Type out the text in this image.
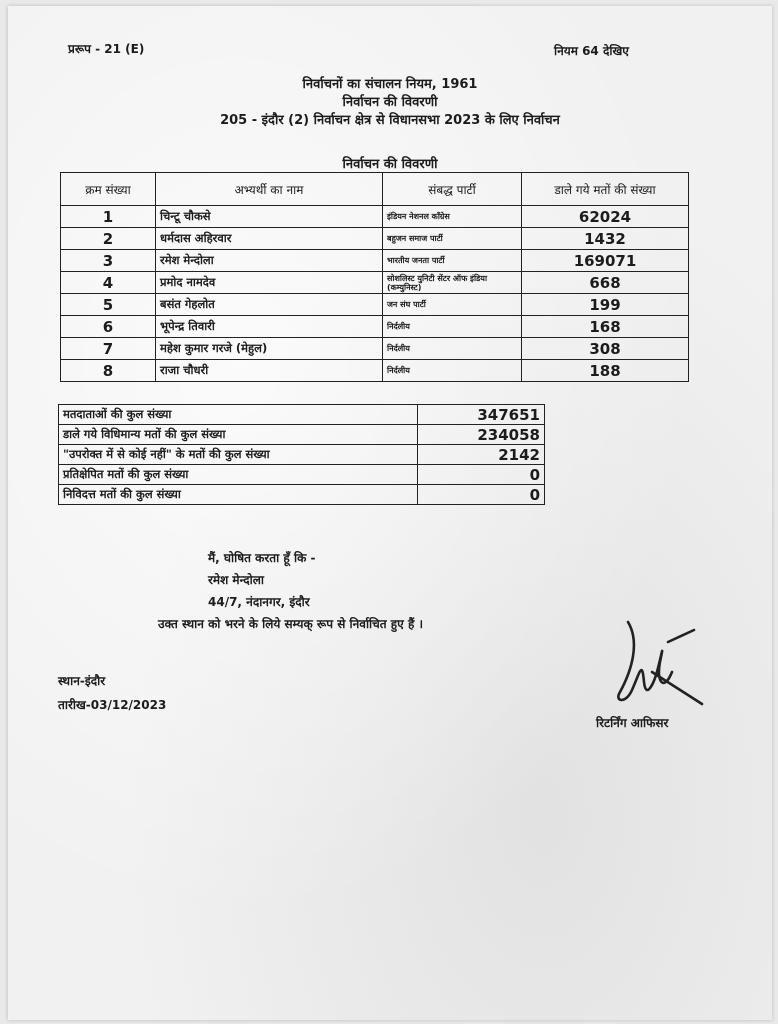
प्ररूप - 21 (E)	नियम 64 देखिए
निर्वाचनों का संचालन नियम, 1961
निर्वाचन की विवरणी
205 - इंदौर (2) निर्वाचन क्षेत्र से विधानसभा 2023 के लिए निर्वाचन
निर्वाचन की विवरणी
क्रम संख्या	अभ्यर्थी का नाम	संबद्ध पार्टी	डाले गये मतों की संख्या
1	चिन्टू चौकसे	इंडियन नेशनल काँग्रेस	62024
2	धर्मदास अहिरवार	बहुजन समाज पार्टी	1432
3	रमेश मेन्दोला	भारतीय जनता पार्टी	169071
4	प्रमोद नामदेव	सोशलिस्ट युनिटी सेंटर ऑफ इंडिया (कम्युनिस्ट)	668
5	बसंत गेहलोत	जन संघ पार्टी	199
6	भूपेन्द्र तिवारी	निर्दलीय	168
7	महेश कुमार गरजे (मेहुल)	निर्दलीय	308
8	राजा चौधरी	निर्दलीय	188
मतदाताओं की कुल संख्या	347651
डाले गये विधिमान्य मतों की कुल संख्या	234058
"उपरोक्त में से कोई नहीं" के मतों की कुल संख्या	2142
प्रतिक्षेपित मतों की कुल संख्या	0
निविदत्त मतों की कुल संख्या	0
मैं, घोषित करता हूँ कि -
रमेश मेन्दोला
44/7, नंदानगर, इंदौर
उक्त स्थान को भरने के लिये सम्यक् रूप से निर्वाचित हुए हैं ।
स्थान-इंदौर
तारीख-03/12/2023
रिटर्निंग आफिसर
